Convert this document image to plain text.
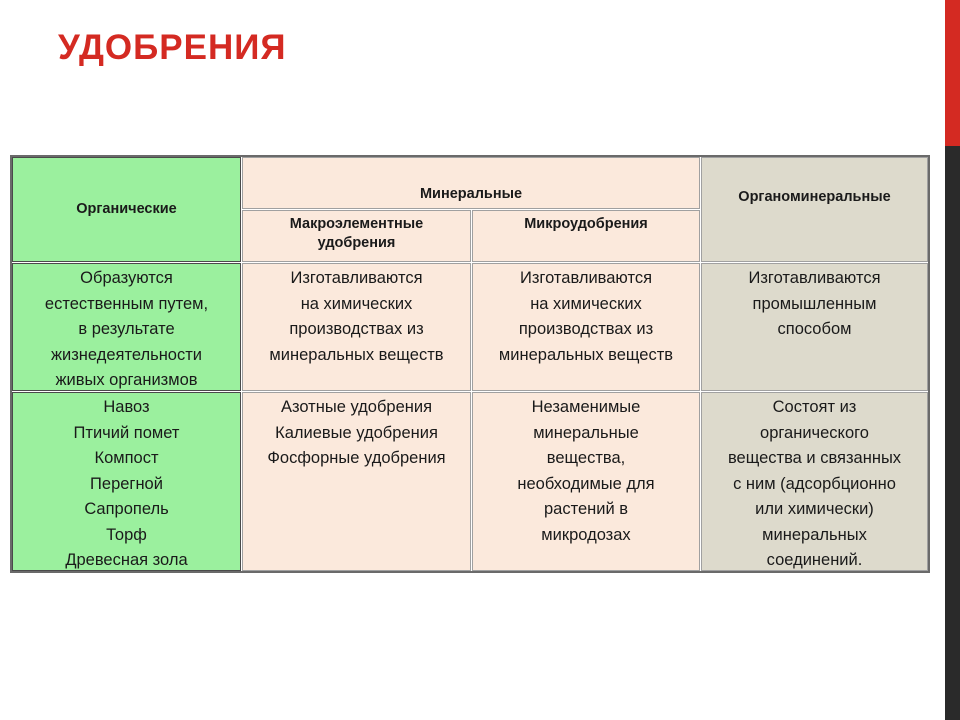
УДОБРЕНИЯ
Органические
Минеральные
Макроэлементные
удобрения
Микроудобрения
Органоминеральные
Образуются
естественным путем,
в результате
жизнедеятельности
живых организмов
Изготавливаются
на химических
производствах из
минеральных веществ
Изготавливаются
на химических
производствах из
минеральных веществ
Изготавливаются
промышленным
способом
Навоз
Птичий помет
Компост
Перегной
Сапропель
Торф
Древесная зола
Азотные удобрения
Калиевые удобрения
Фосфорные удобрения
Незаменимые
минеральные
вещества,
необходимые для
растений в
микродозах
Состоят из
органического
вещества и связанных
с ним (адсорбционно
или химически)
минеральных
соединений.
